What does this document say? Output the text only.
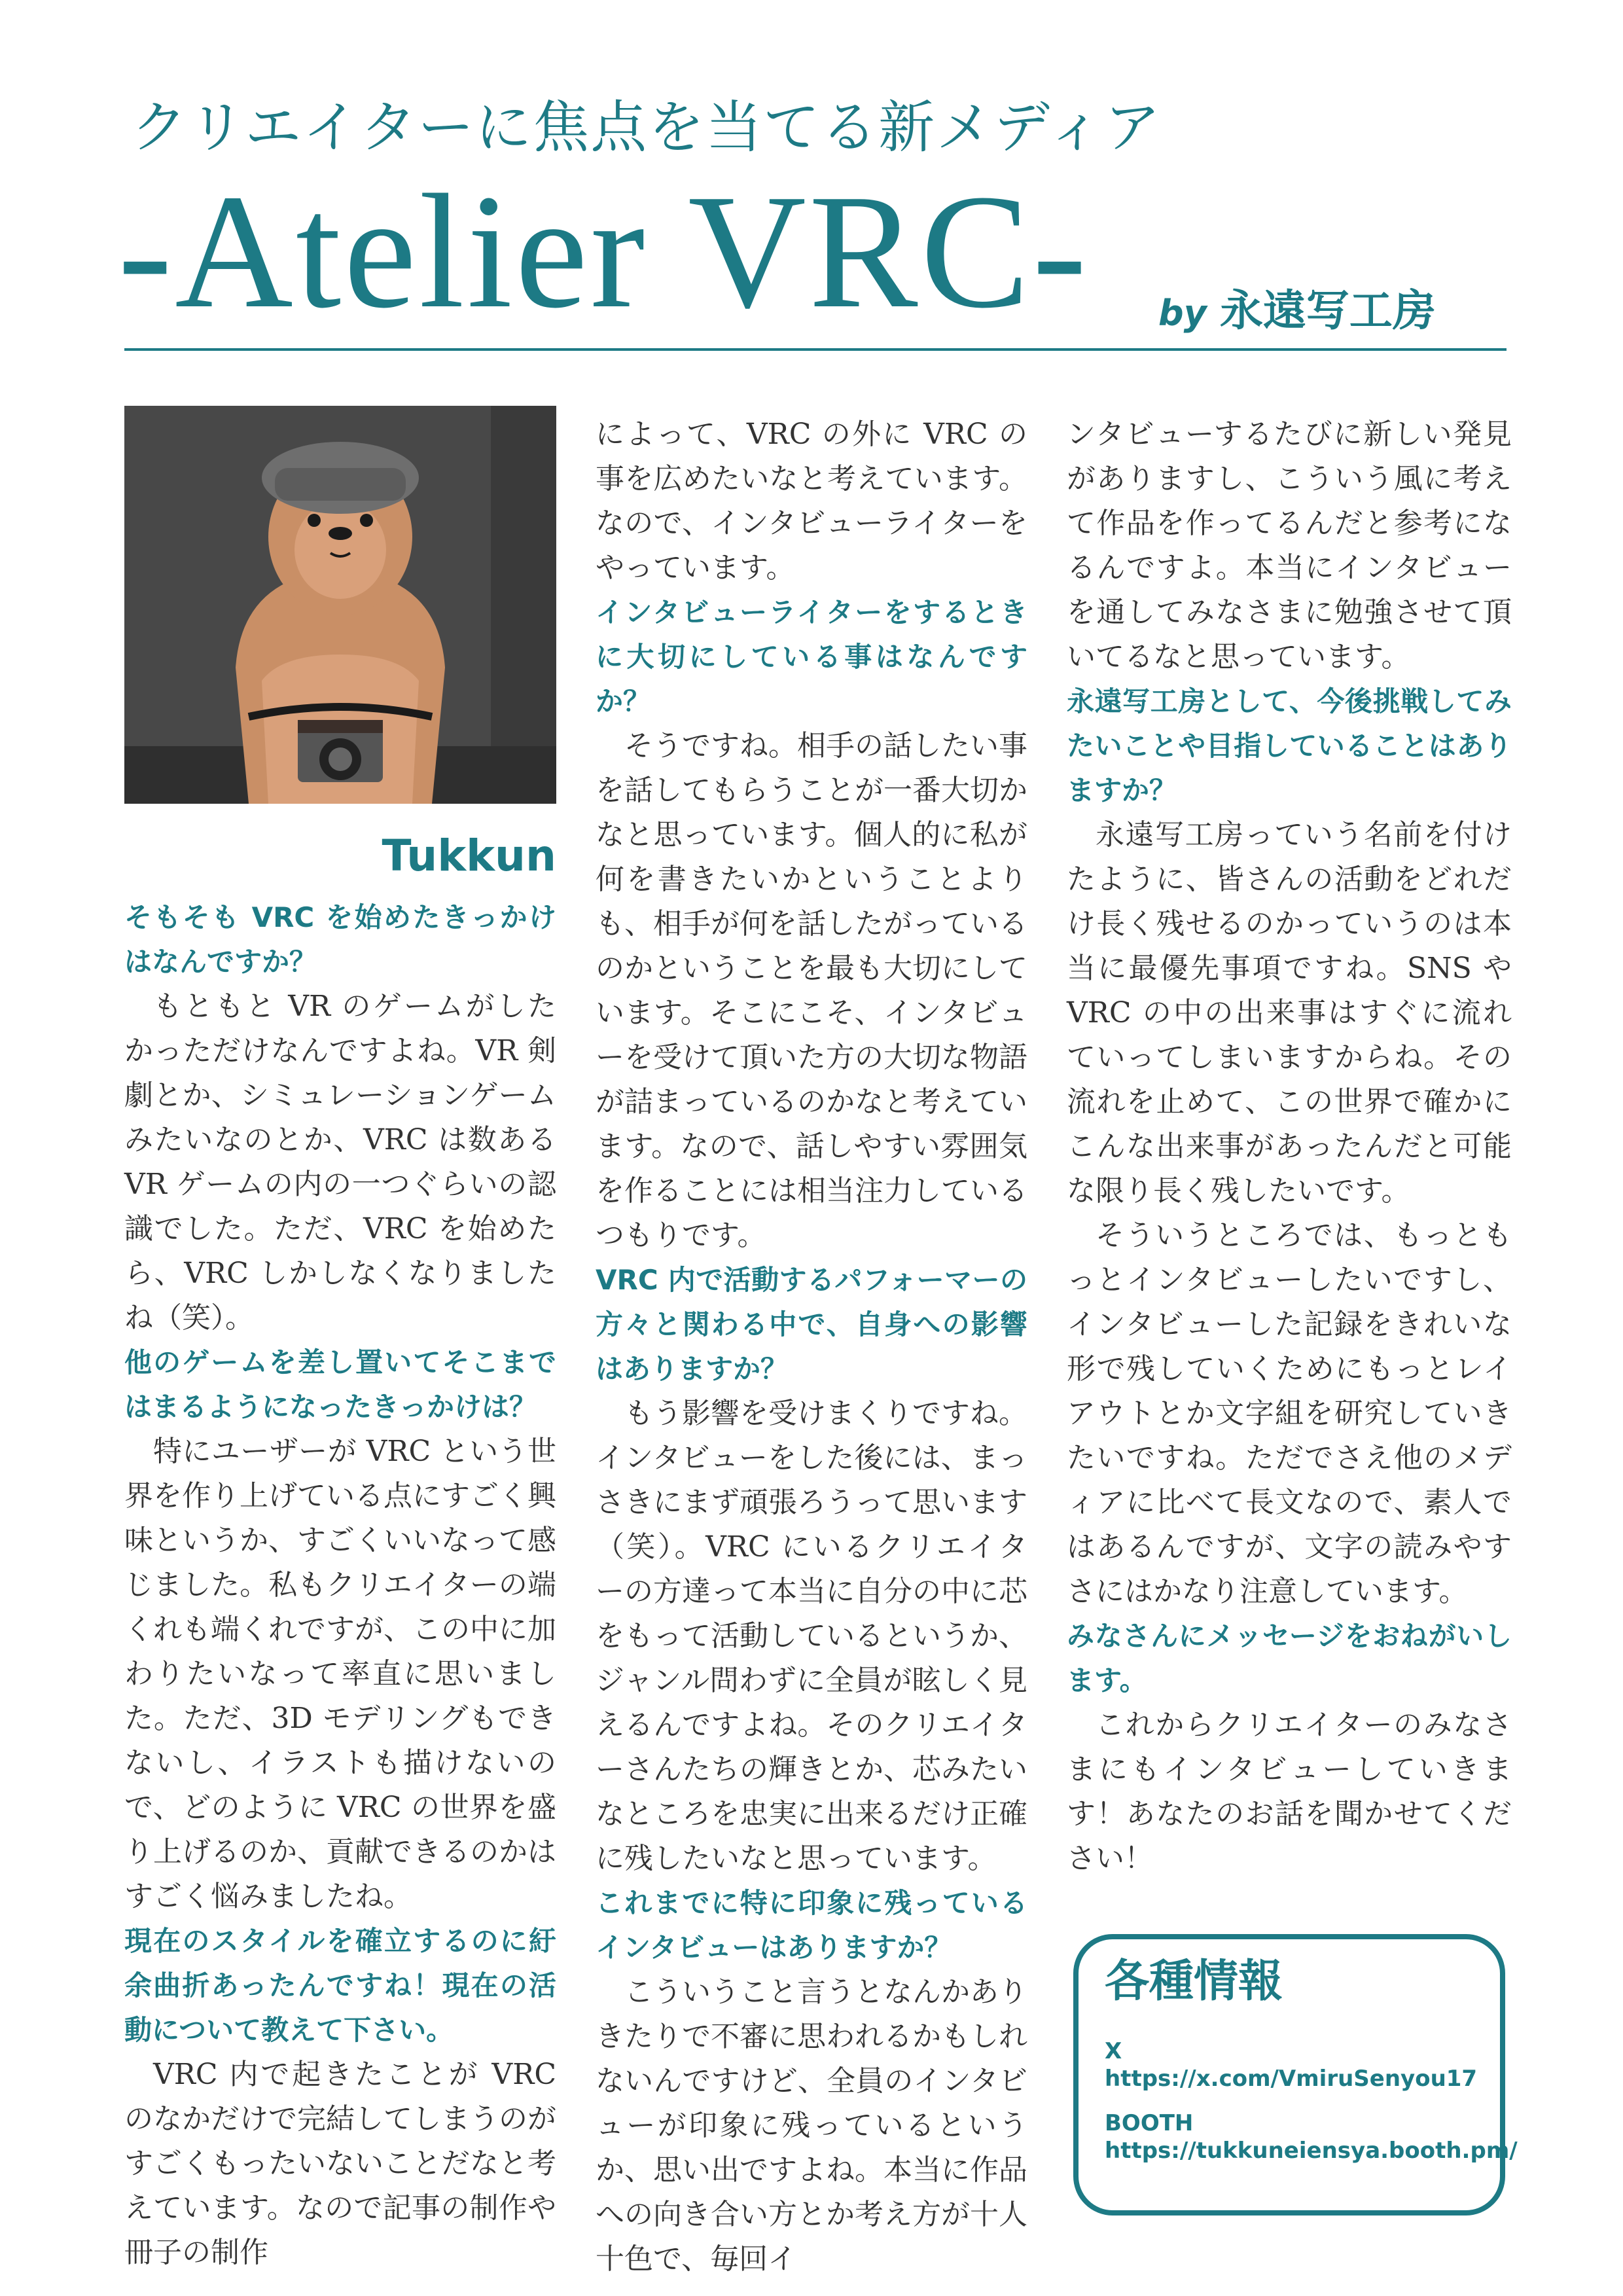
クリエイターに焦点を当てる新メディア
-Atelier VRC- by 永遠写工房
Tukkun

そもそも VRC を始めたきっかけはなんですか？

もともと VR のゲームがしたかっただけなんですよね。VR 剣劇とか、シミュレーションゲームみたいなのとか、VRC は数ある VR ゲームの内の一つぐらいの認識でした。ただ、VRC を始めたら、VRC しかしなくなりましたね（笑）。

他のゲームを差し置いてそこまではまるようになったきっかけは？

特にユーザーが VRC という世界を作り上げている点にすごく興味というか、すごくいいなって感じました。私もクリエイターの端くれも端くれですが、この中に加わりたいなって率直に思いました。ただ、3D モデリングもできないし、イラストも描けないので、どのように VRC の世界を盛り上げるのか、貢献できるのかはすごく悩みましたね。

現在のスタイルを確立するのに紆余曲折あったんですね！現在の活動について教えて下さい。

VRC 内で起きたことが VRC のなかだけで完結してしまうのがすごくもったいないことだなと考えています。なので記事の制作や冊子の制作

によって、VRC の外に VRC の事を広めたいなと考えています。なので、インタビューライターをやっています。

インタビューライターをするときに大切にしている事はなんですか？

そうですね。相手の話したい事を話してもらうことが一番大切かなと思っています。個人的に私が何を書きたいかということよりも、相手が何を話したがっているのかということを最も大切にしています。そこにこそ、インタビューを受けて頂いた方の大切な物語が詰まっているのかなと考えています。なので、話しやすい雰囲気を作ることには相当注力しているつもりです。

VRC 内で活動するパフォーマーの方々と関わる中で、自身への影響はありますか？

もう影響を受けまくりですね。インタビューをした後には、まっさきにまず頑張ろうって思います（笑）。VRC にいるクリエイターの方達って本当に自分の中に芯をもって活動しているというか、ジャンル問わずに全員が眩しく見えるんですよね。そのクリエイターさんたちの輝きとか、芯みたいなところを忠実に出来るだけ正確に残したいなと思っています。

これまでに特に印象に残っているインタビューはありますか？

こういうこと言うとなんかありきたりで不審に思われるかもしれないんですけど、全員のインタビューが印象に残っているというか、思い出ですよね。本当に作品への向き合い方とか考え方が十人十色で、毎回イ

ンタビューするたびに新しい発見がありますし、こういう風に考えて作品を作ってるんだと参考になるんですよ。本当にインタビューを通してみなさまに勉強させて頂いてるなと思っています。

永遠写工房として、今後挑戦してみたいことや目指していることはありますか？

永遠写工房っていう名前を付けたように、皆さんの活動をどれだけ長く残せるのかっていうのは本当に最優先事項ですね。SNS や VRC の中の出来事はすぐに流れていってしまいますからね。その流れを止めて、この世界で確かにこんな出来事があったんだと可能な限り長く残したいです。

そういうところでは、もっともっとインタビューしたいですし、インタビューした記録をきれいな形で残していくためにもっとレイアウトとか文字組を研究していきたいですね。ただでさえ他のメディアに比べて長文なので、素人ではあるんですが、文字の読みやすさにはかなり注意しています。

みなさんにメッセージをおねがいします。

これからクリエイターのみなさまにもインタビューしていきます！あなたのお話を聞かせてください！

各種情報

X

https://x.com/VmiruSenyou17

BOOTH

https://tukkuneiensya.booth.pm/
